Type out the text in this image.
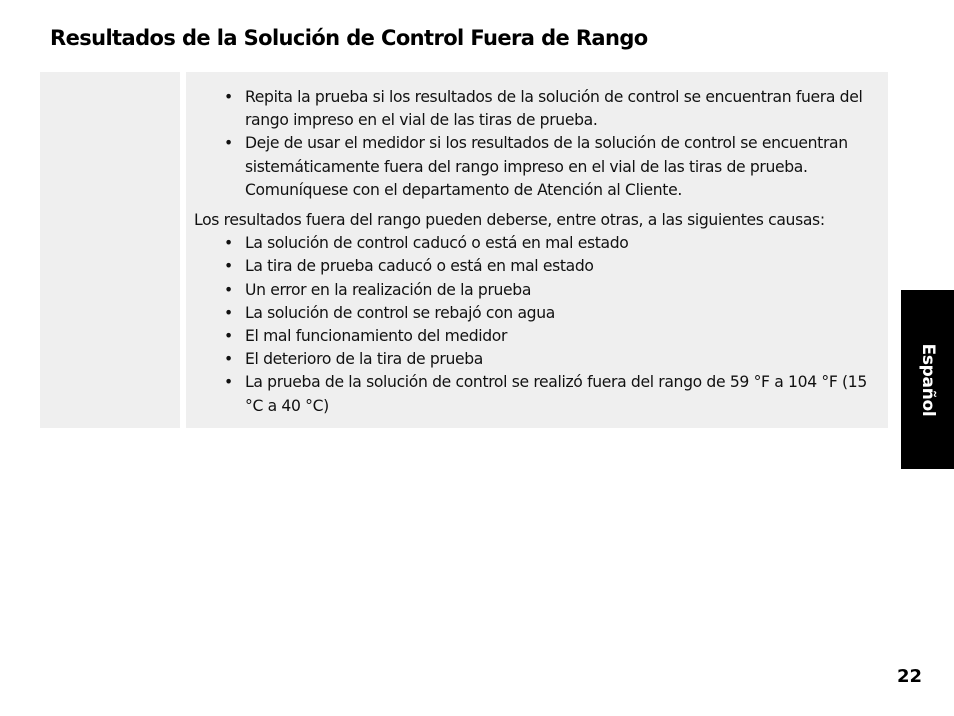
Resultados de la Solución de Control Fuera de Rango
• Repita la prueba si los resultados de la solución de control se encuentran fuera del rango impreso en el vial de las tiras de prueba.
• Deje de usar el medidor si los resultados de la solución de control se encuentran sistemáticamente fuera del rango impreso en el vial de las tiras de prueba. Comuníquese con el departamento de Atención al Cliente.

Los resultados fuera del rango pueden deberse, entre otras, a las siguientes causas:

• La solución de control caducó o está en mal estado
• La tira de prueba caducó o está en mal estado
• Un error en la realización de la prueba
• La solución de control se rebajó con agua
• El mal funcionamiento del medidor
• El deterioro de la tira de prueba
• La prueba de la solución de control se realizó fuera del rango de 59 °F a 104 °F (15 °C a 40 °C)	Español
22
